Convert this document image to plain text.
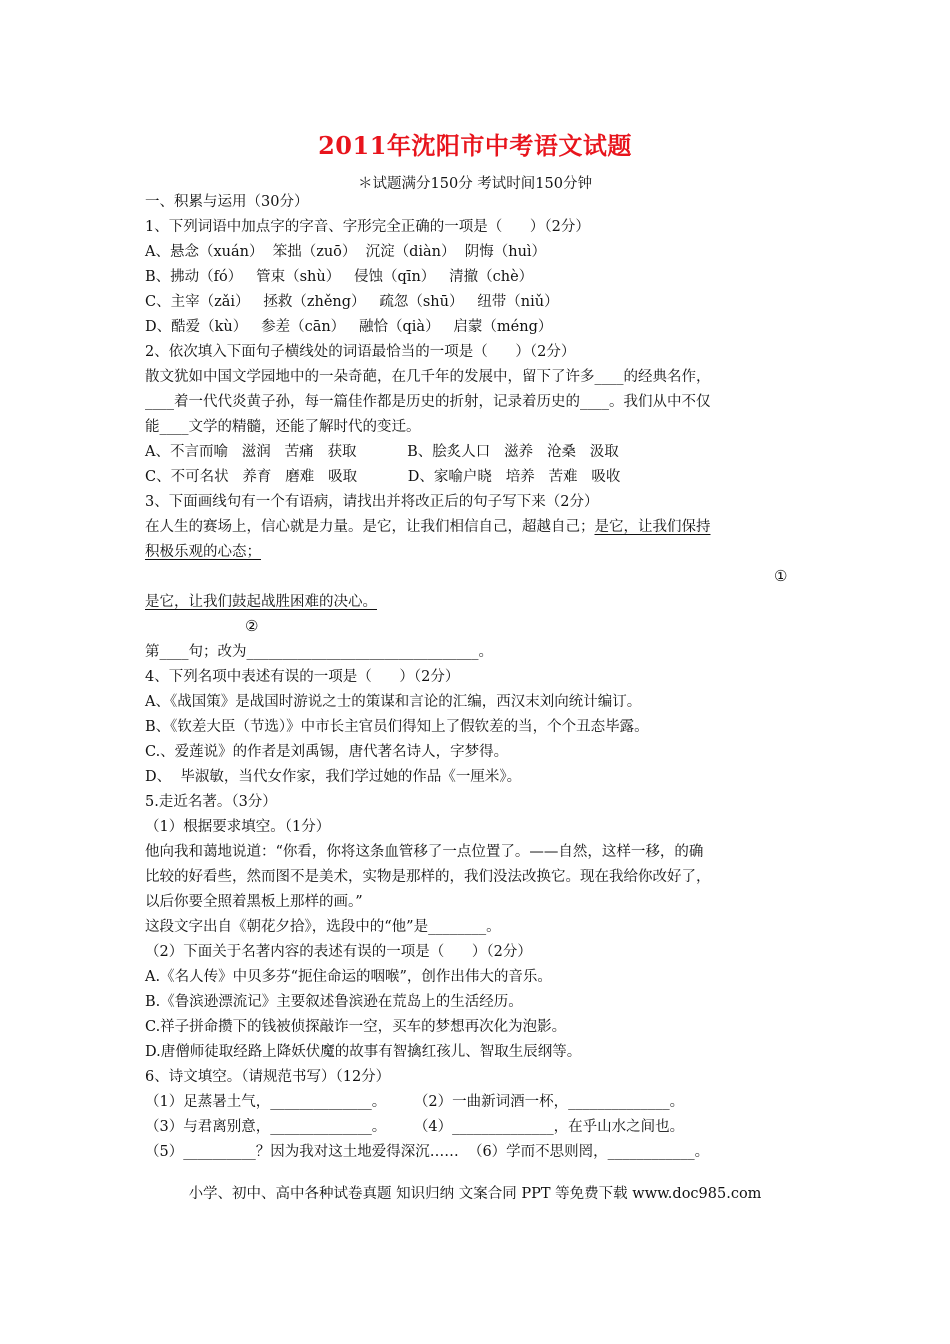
2011年沈阳市中考语文试题
＊试题满分150分 考试时间150分钟
一、积累与运用（30分）
1、下列词语中加点字的字音、字形完全正确的一项是（      ）（2分）
A、悬念（xuán）  笨拙（zuō）  沉淀（diàn）  阴悔（huì）
B、拂动（fó）   管束（shù）   侵蚀（qīn）   清撤（chè）
C、主宰（zǎi）   拯救（zhěng）   疏忽（shū）   纽带（niǔ）
D、酷爱（kù）   参差（cān）   融恰（qià）   启蒙（méng）
2、依次填入下面句子横线处的词语最恰当的一项是（      ）（2分）
散文犹如中国文学园地中的一朵奇葩，在几千年的发展中，留下了许多____的经典名作，
____着一代代炎黄子孙，每一篇佳作都是历史的折射，记录着历史的____。我们从中不仅
能____文学的精髓，还能了解时代的变迁。
A、不言而喻   滋润   苦痛   获取           B、脍炙人口   滋养   沧桑   汲取
C、不可名状   养育   磨难   吸取           D、家喻户晓   培养   苦难   吸收
3、下面画线句有一个有语病，请找出并将改正后的句子写下来（2分）
在人生的赛场上，信心就是力量。是它，让我们相信自己，超越自己；是它，让我们保持
积极乐观的心态；
①
是它，让我们鼓起战胜困难的决心。
②
第____句；改为________________________________。
4、下列名项中表述有误的一项是（      ）（2分）
A、《战国策》是战国时游说之士的策谋和言论的汇编，西汉末刘向统计编订。
B、《钦差大臣（节选）》中市长主官员们得知上了假钦差的当，个个丑态毕露。
C.、爱莲说》的作者是刘禹锡，唐代著名诗人，字梦得。
D、  毕淑敏，当代女作家，我们学过她的作品《一厘米》。
5.走近名著。（3分）
（1）根据要求填空。（1分）
他向我和蔼地说道：“你看，你将这条血管移了一点位置了。——自然，这样一移，的确
比较的好看些，然而图不是美术，实物是那样的，我们没法改换它。现在我给你改好了，
以后你要全照着黑板上那样的画。”
这段文字出自《朝花夕拾》，选段中的“他”是________。
（2）下面关于名著内容的表述有误的一项是（      ）（2分）
A.《名人传》中贝多芬“扼住命运的咽喉”，创作出伟大的音乐。
B.《鲁滨逊漂流记》主要叙述鲁滨逊在荒岛上的生活经历。
C.祥子拼命攒下的钱被侦探敲诈一空，买车的梦想再次化为泡影。
D.唐僧师徒取经路上降妖伏魔的故事有智擒红孩儿、智取生辰纲等。
6、诗文填空。（请规范书写）（12分）
（1）足蒸暑土气，______________。      （2）一曲新词酒一杯，______________。
（3）与君离别意，______________。      （4）______________，在乎山水之间也。
（5）__________？因为我对这土地爱得深沉……  （6）学而不思则罔，____________。
小学、初中、高中各种试卷真题 知识归纳 文案合同 PPT 等免费下载 www.doc985.com
